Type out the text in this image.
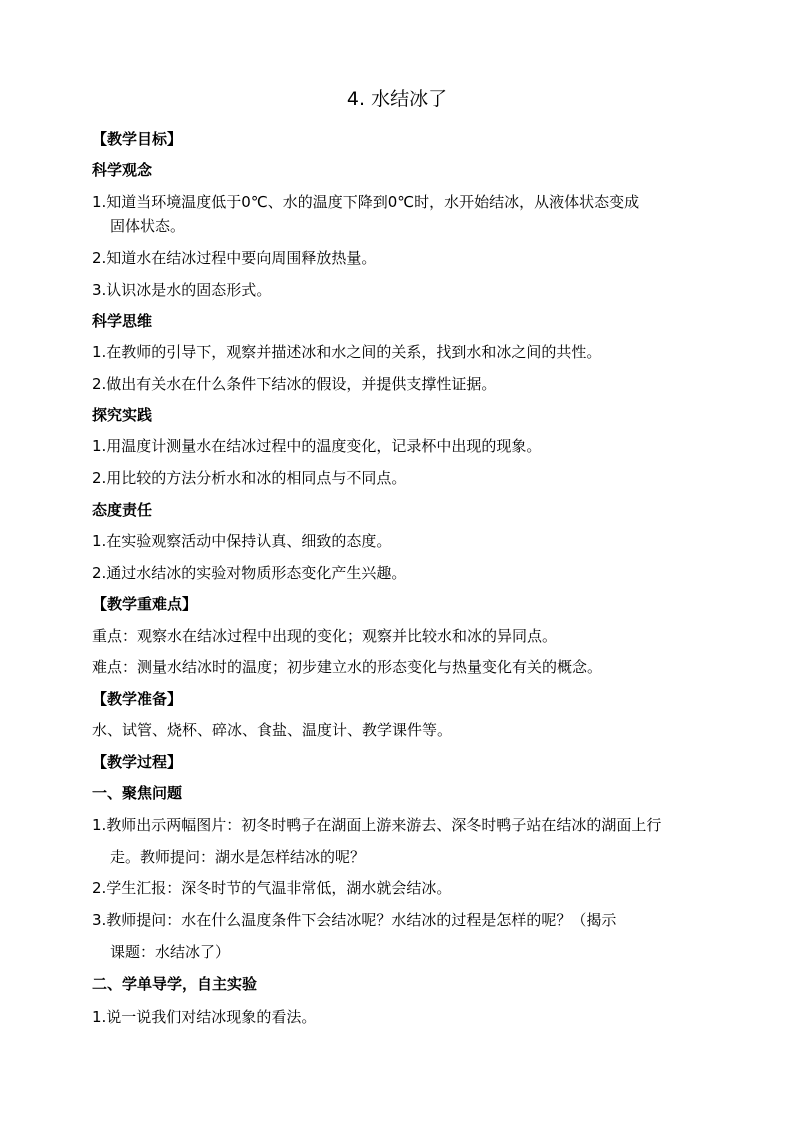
4. 水结冰了
【教学目标】
科学观念
1.知道当环境温度低于0℃、水的温度下降到0℃时，水开始结冰，从液体状态变成
固体状态。
2.知道水在结冰过程中要向周围释放热量。
3.认识冰是水的固态形式。
科学思维
1.在教师的引导下，观察并描述冰和水之间的关系，找到水和冰之间的共性。
2.做出有关水在什么条件下结冰的假设，并提供支撑性证据。
探究实践
1.用温度计测量水在结冰过程中的温度变化，记录杯中出现的现象。
2.用比较的方法分析水和冰的相同点与不同点。
态度责任
1.在实验观察活动中保持认真、细致的态度。
2.通过水结冰的实验对物质形态变化产生兴趣。
【教学重难点】
重点：观察水在结冰过程中出现的变化；观察并比较水和冰的异同点。
难点：测量水结冰时的温度；初步建立水的形态变化与热量变化有关的概念。
【教学准备】
水、试管、烧杯、碎冰、食盐、温度计、教学课件等。
【教学过程】
一、聚焦问题
1.教师出示两幅图片：初冬时鸭子在湖面上游来游去、深冬时鸭子站在结冰的湖面上行
走。教师提问：湖水是怎样结冰的呢？
2.学生汇报：深冬时节的气温非常低，湖水就会结冰。
3.教师提问：水在什么温度条件下会结冰呢？水结冰的过程是怎样的呢？（揭示
课题：水结冰了）
二、学单导学，自主实验
1.说一说我们对结冰现象的看法。
